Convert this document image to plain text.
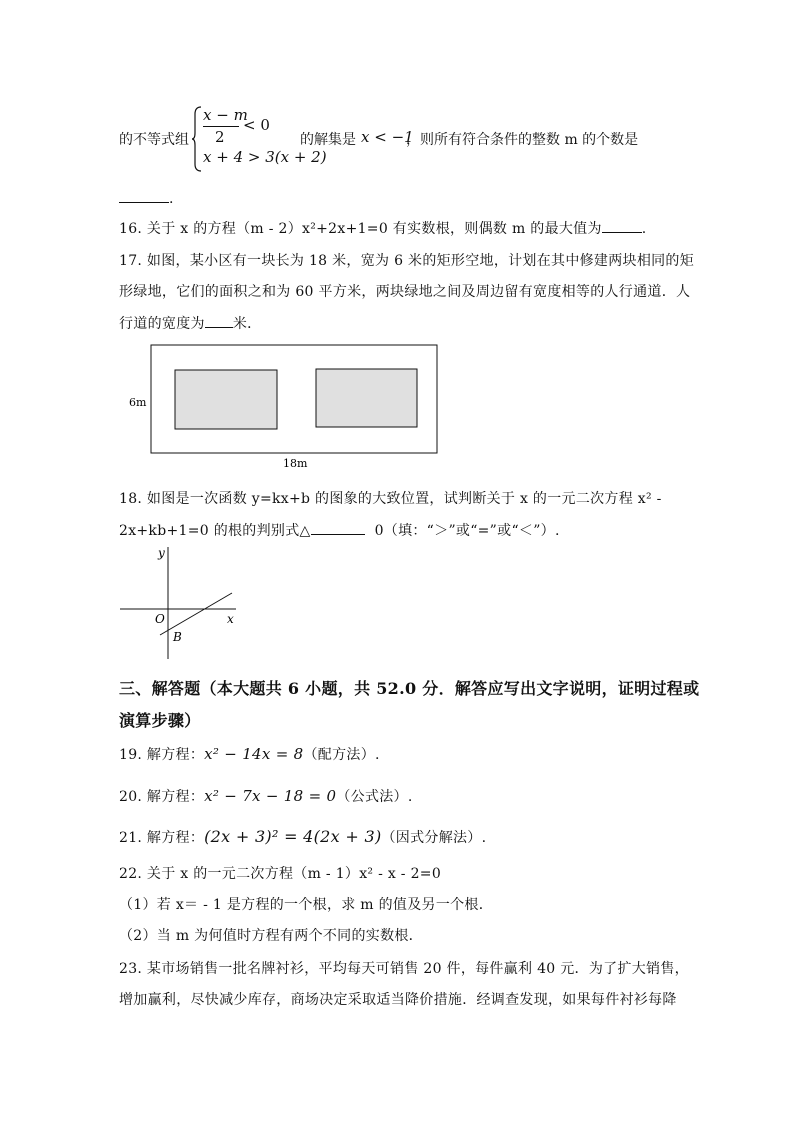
的不等式组
x − m
2
< 0
x + 4 > 3(x + 2)
的解集是 x < −1
，则所有符合条件的整数 m 的个数是
.
16. 关于 x 的方程（m - 2）x²+2x+1=0 有实数根，则偶数 m 的最大值为	.
17. 如图，某小区有一块长为 18 米，宽为 6 米的矩形空地，计划在其中修建两块相同的矩
形绿地，它们的面积之和为 60 平方米，两块绿地之间及周边留有宽度相等的人行通道．人
行道的宽度为 米．
6m
18m
18. 如图是一次函数 y=kx+b 的图象的大致位置，试判断关于 x 的一元二次方程 x² -
2x+kb+1=0 的根的判别式△	0（填：“＞”或“=”或“＜”）.
y
x
O
B
三、解答题（本大题共 6 小题，共 52.0 分．解答应写出文字说明，证明过程或
演算步骤）
19. 解方程：x² − 14x = 8（配方法）.
20. 解方程：x² − 7x − 18 = 0（公式法）.
21. 解方程：(2x + 3)² = 4(2x + 3)（因式分解法）.
22. 关于 x 的一元二次方程（m - 1）x² - x - 2=0
（1）若 x＝ - 1 是方程的一个根，求 m 的值及另一个根．
（2）当 m 为何值时方程有两个不同的实数根．
23. 某市场销售一批名牌衬衫，平均每天可销售 20 件，每件赢利 40 元．为了扩大销售，
增加赢利，尽快减少库存，商场决定采取适当降价措施．经调查发现，如果每件衬衫每降
